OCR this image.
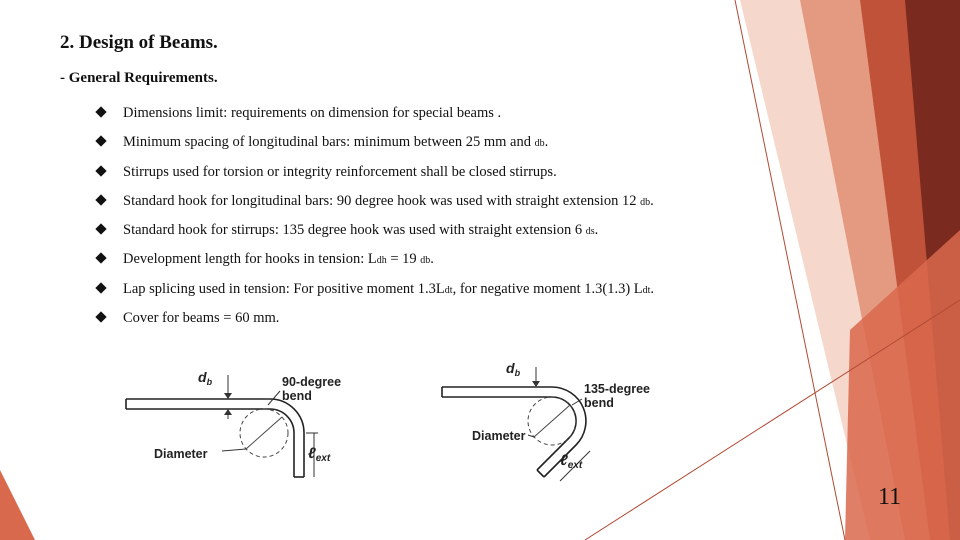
2. Design of Beams.
- General Requirements.
Dimensions limit: requirements on dimension for special beams .
Minimum spacing of longitudinal bars: minimum between 25 mm and db.
Stirrups used for torsion or integrity reinforcement shall be closed stirrups.
Standard hook for longitudinal bars: 90 degree hook was used with straight extension 12 db.
Standard hook for stirrups: 135 degree hook was used with straight extension 6 ds.
Development length for hooks in tension: Ldh = 19 db.
Lap splicing used in tension: For positive moment 1.3Ldt, for negative moment 1.3(1.3) Ldt.
Cover for beams = 60 mm.
$d_b$	90-degree
bend
ℓ$_{ext}$
Diameter
$d_b$
135-degree
bend
ℓ$_{ext}$
Diameter
11
